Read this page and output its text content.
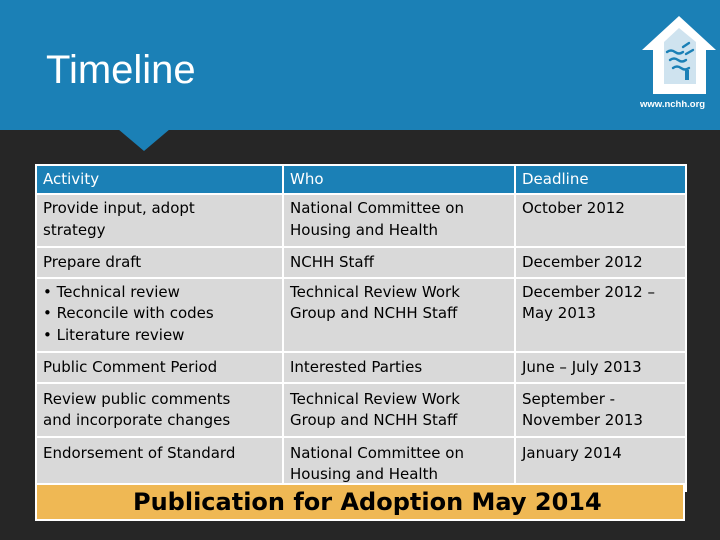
Timeline
www.nchh.org
Activity	Who	Deadline

Provide input, adopt
strategy	National Committee on
Housing and Health	October 2012

Prepare draft	NCHH Staff	December 2012

• Technical review
• Reconcile with codes
• Literature review	Technical Review Work
Group and NCHH Staff	December 2012 –
May 2013

Public Comment Period	Interested Parties	June – July 2013

Review public comments
and incorporate changes	Technical Review Work
Group and NCHH Staff	September -
November 2013

Endorsement of Standard	National Committee on
Housing and Health	January 2014
Publication for Adoption May 2014
